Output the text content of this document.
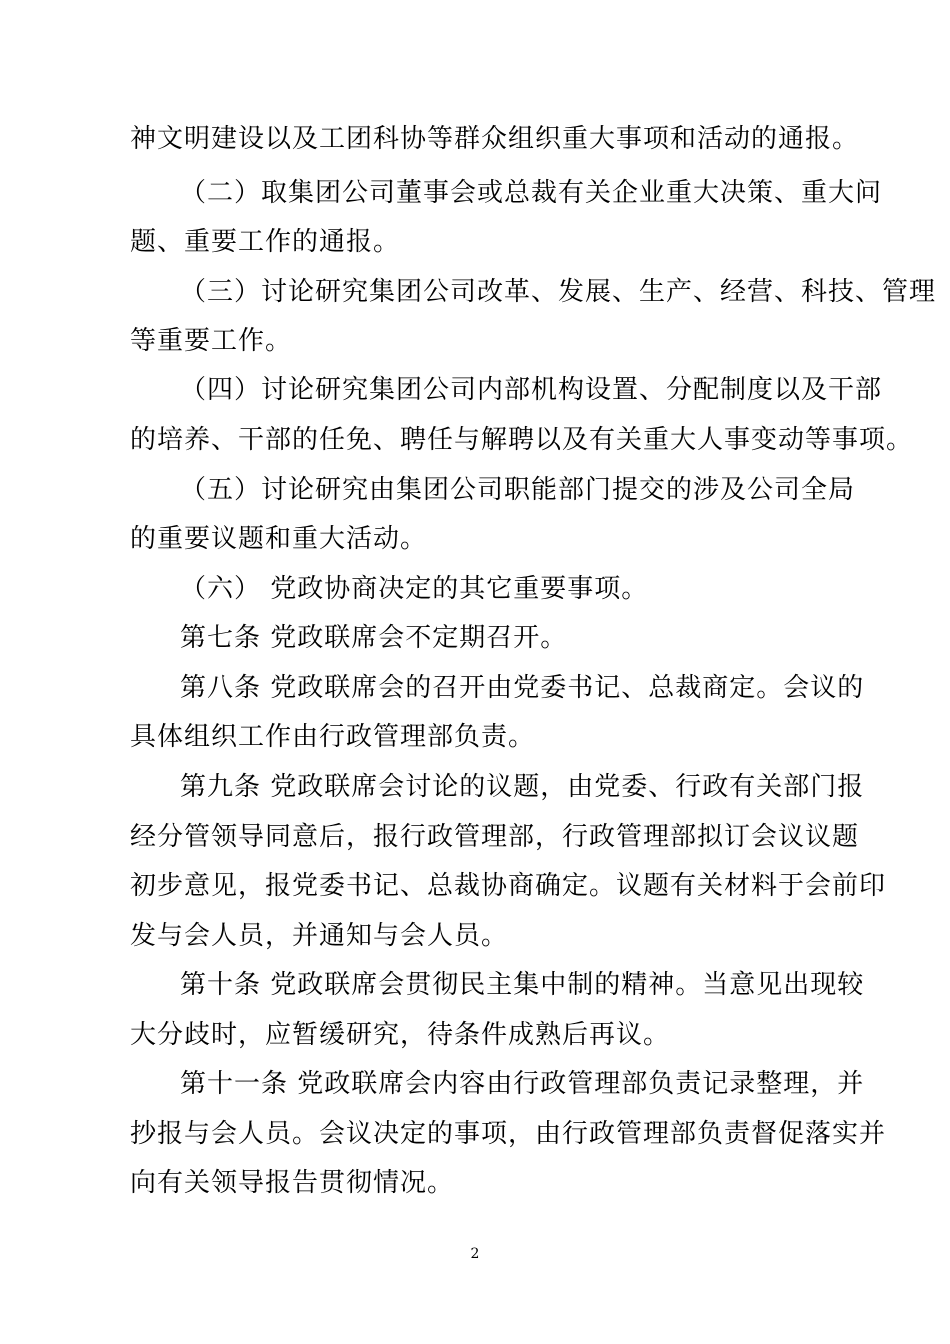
神文明建设以及工团科协等群众组织重大事项和活动的通报。
（二）取集团公司董事会或总裁有关企业重大决策、重大问
题、重要工作的通报。
（三）讨论研究集团公司改革、发展、生产、经营、科技、管理
等重要工作。
（四）讨论研究集团公司内部机构设置、分配制度以及干部
的培养、干部的任免、聘任与解聘以及有关重大人事变动等事项。
（五）讨论研究由集团公司职能部门提交的涉及公司全局
的重要议题和重大活动。
（六） 党政协商决定的其它重要事项。
第七条 党政联席会不定期召开。
第八条 党政联席会的召开由党委书记、总裁商定。会议的
具体组织工作由行政管理部负责。
第九条 党政联席会讨论的议题，由党委、行政有关部门报
经分管领导同意后，报行政管理部，行政管理部拟订会议议题
初步意见，报党委书记、总裁协商确定。议题有关材料于会前印
发与会人员，并通知与会人员。
第十条 党政联席会贯彻民主集中制的精神。当意见出现较
大分歧时，应暂缓研究，待条件成熟后再议。
第十一条 党政联席会内容由行政管理部负责记录整理，并
抄报与会人员。会议决定的事项，由行政管理部负责督促落实并
向有关领导报告贯彻情况。
2
